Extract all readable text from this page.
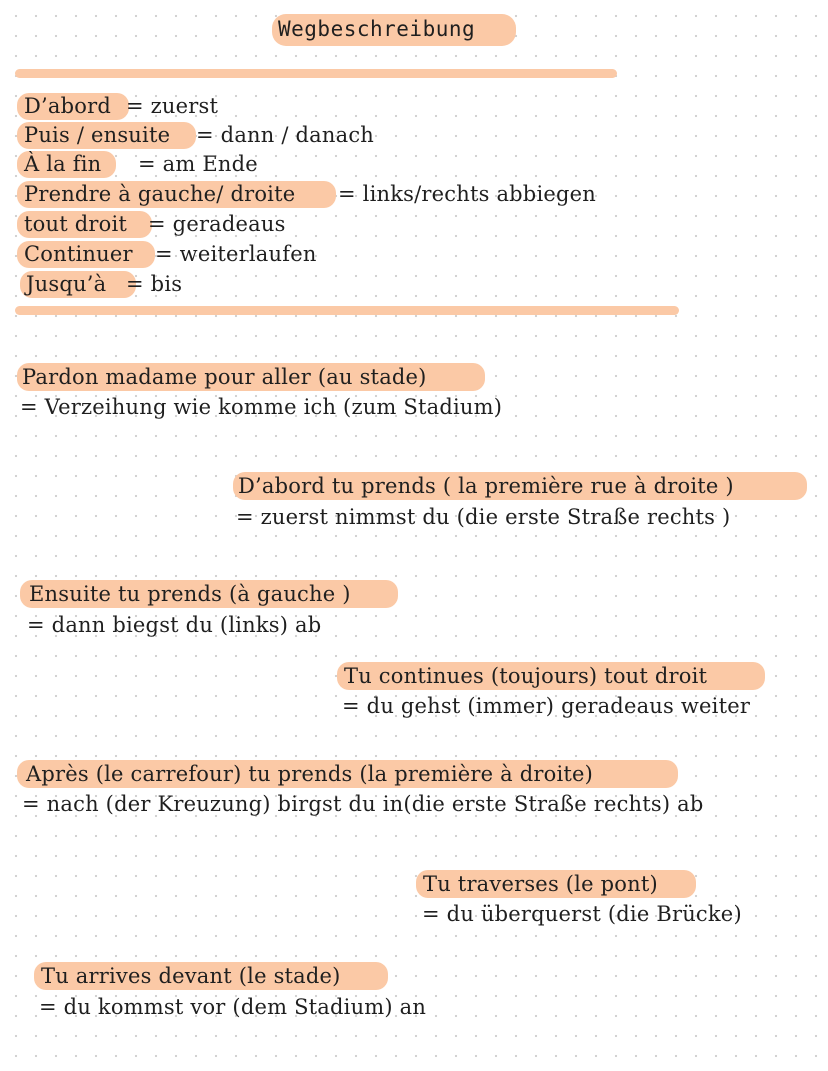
Wegbeschreibung
D’abord = zuerst
Puis / ensuite = dann / danach
À la fin = am Ende
Prendre à gauche/ droite = links/rechts abbiegen
tout droit = geradeaus
Continuer = weiterlaufen
Jusqu’à = bis
Pardon madame pour aller (au stade)
= Verzeihung wie komme ich (zum Stadium)
D’abord tu prends ( la première rue à droite )
= zuerst nimmst du (die erste Straße rechts )
Ensuite tu prends (à gauche )
= dann biegst du (links) ab
Tu continues (toujours) tout droit
= du gehst (immer) geradeaus weiter
Après (le carrefour) tu prends (la première à droite)
= nach (der Kreuzung) birgst du in(die erste Straße rechts) ab
Tu traverses (le pont)
= du überquerst (die Brücke)
Tu arrives devant (le stade)
= du kommst vor (dem Stadium) an
